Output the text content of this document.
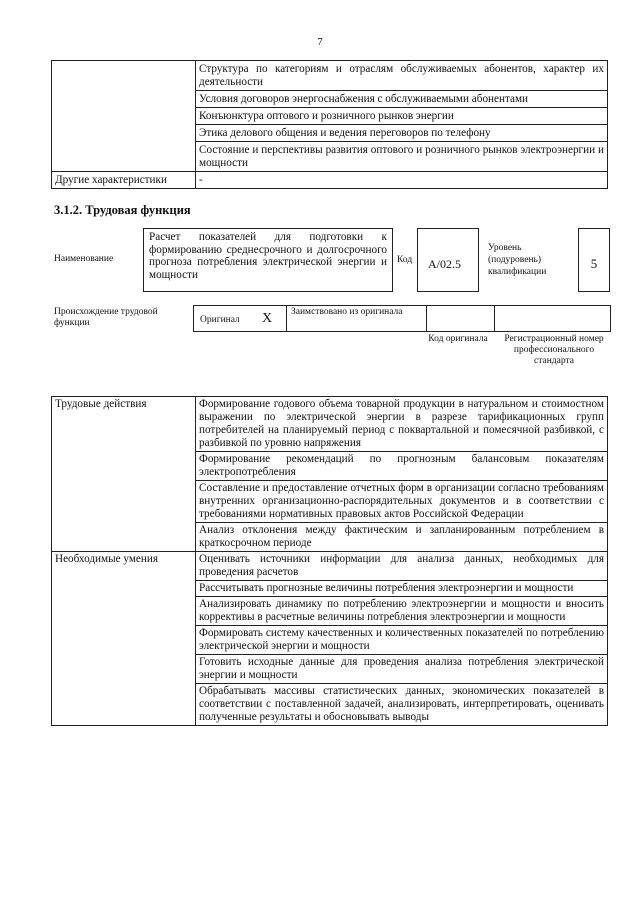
7
	Структура по категориям и отраслям обслуживаемых абонентов, характер их деятельности
	Условия договоров энергоснабжения с обслуживаемыми абонентами
	Конъюнктура оптового и розничного рынков энергии
	Этика делового общения и ведения переговоров по телефону
	Состояние и перспективы развития оптового и розничного рынков электроэнергии и мощности
Другие характеристики	-
3.1.2. Трудовая функция
Наименование
Расчет показателей для подготовки к формированию среднесрочного и долгосрочного прогноза потребления электрической энергии и мощности
Код	A/02.5
Уровень (подуровень) квалификации
5
Происхождение трудовой функции	Оригинал X Заимствовано из оригинала
Код оригинала	Регистрационный номер профессионального стандарта
Трудовые действия	Формирование годового объема товарной продукции в натуральном и стоимостном выражении по электрической энергии в разрезе тарификационных групп потребителей на планируемый период с поквартальной и помесячной разбивкой, с разбивкой по уровню напряжения
	Формирование рекомендаций по прогнозным балансовым показателям электропотребления
	Составление и предоставление отчетных форм в организации согласно требованиям внутренних организационно-распорядительных документов и в соответствии с требованиями нормативных правовых актов Российской Федерации
	Анализ отклонения между фактическим и запланированным потреблением в краткосрочном периоде
Необходимые умения	Оценивать источники информации для анализа данных, необходимых для проведения расчетов
	Рассчитывать прогнозные величины потребления электроэнергии и мощности
	Анализировать динамику по потреблению электроэнергии и мощности и вносить коррективы в расчетные величины потребления электроэнергии и мощности
	Формировать систему качественных и количественных показателей по потреблению электрической энергии и мощности
	Готовить исходные данные для проведения анализа потребления электрической энергии и мощности
	Обрабатывать массивы статистических данных, экономических показателей в соответствии с поставленной задачей, анализировать, интерпретировать, оценивать полученные результаты и обосновывать выводы
